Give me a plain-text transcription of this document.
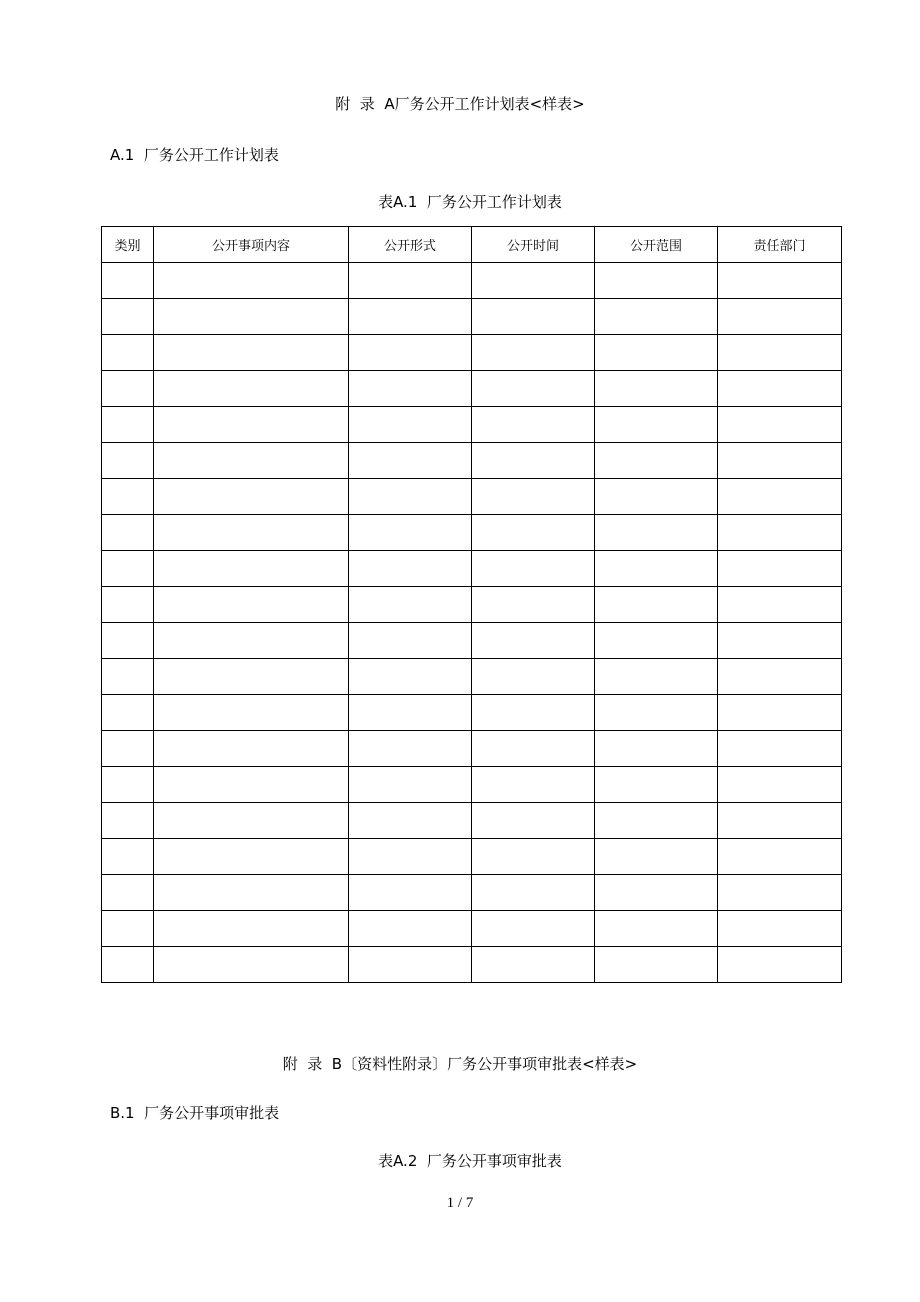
附  录  A厂务公开工作计划表<样表>
A.1  厂务公开工作计划表
表A.1  厂务公开工作计划表
类别	公开事项内容	公开形式	公开时间	公开范围	责任部门

附  录  B〔资料性附录〕厂务公开事项审批表<样表>
B.1  厂务公开事项审批表
表A.2  厂务公开事项审批表
1 / 7
